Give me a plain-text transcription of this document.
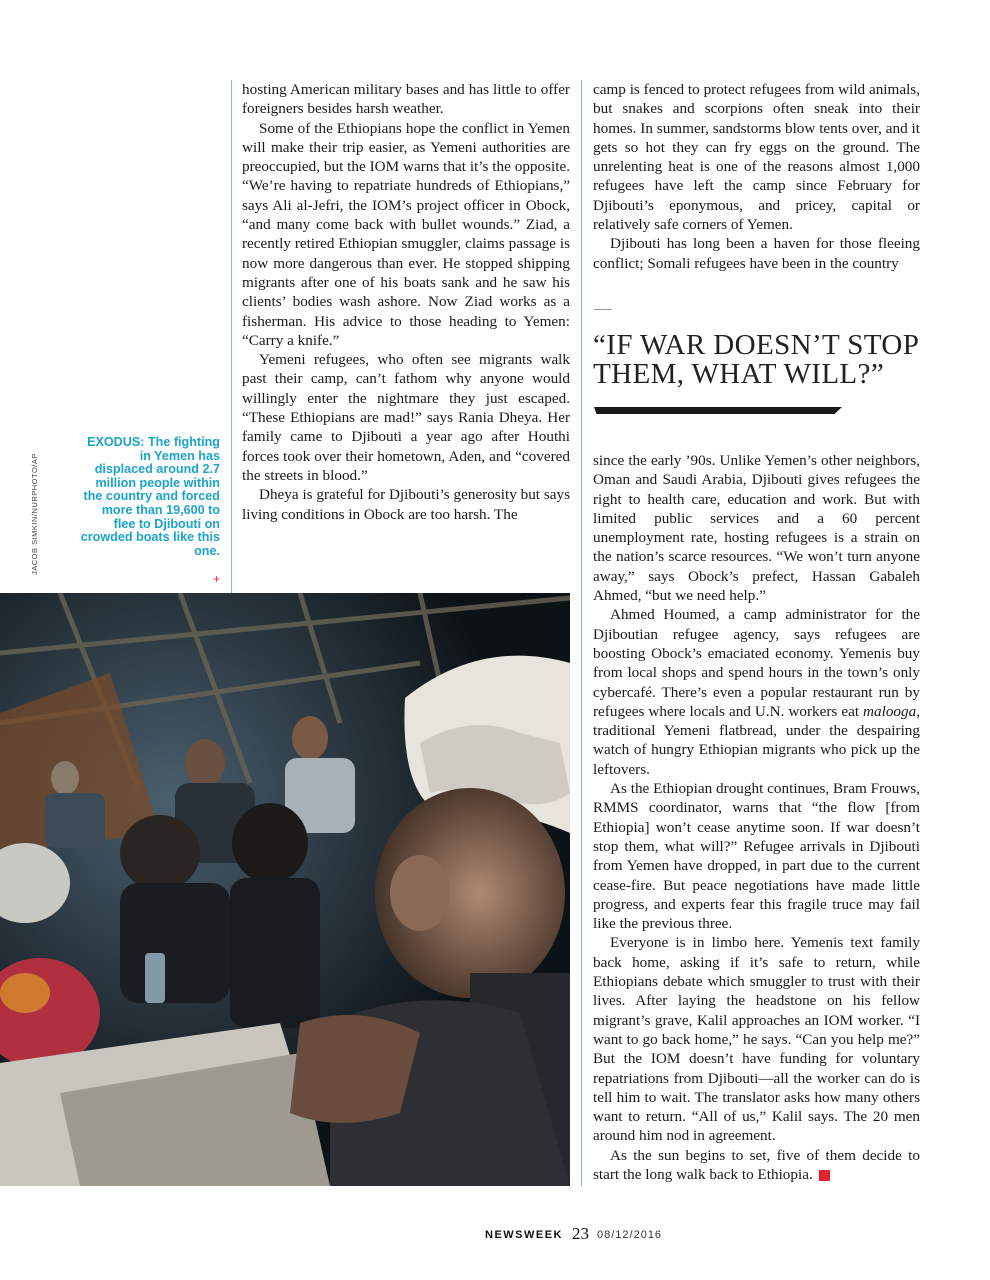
hosting American military bases and has little to offer foreigners besides harsh weather.

Some of the Ethiopians hope the conflict in Yemen will make their trip easier, as Yemeni authorities are preoccupied, but the IOM warns that it’s the opposite. “We’re having to repatriate hundreds of Ethiopians,” says Ali al-Jefri, the IOM’s project officer in Obock, “and many come back with bullet wounds.” Ziad, a recently retired Ethiopian smuggler, claims passage is now more dangerous than ever. He stopped shipping migrants after one of his boats sank and he saw his clients’ bodies wash ashore. Now Ziad works as a fisherman. His advice to those heading to Yemen: “Carry a knife.”

Yemeni refugees, who often see migrants walk past their camp, can’t fathom why anyone would willingly enter the nightmare they just escaped. “These Ethiopians are mad!” says Rania Dheya. Her family came to Djibouti a year ago after Houthi forces took over their hometown, Aden, and “covered the streets in blood.”

Dheya is grateful for Djibouti’s generosity but says living conditions in Obock are too harsh. The

camp is fenced to protect refugees from wild animals, but snakes and scorpions often sneak into their homes. In summer, sandstorms blow tents over, and it gets so hot they can fry eggs on the ground. The unrelenting heat is one of the reasons almost 1,000 refugees have left the camp since February for Djibouti’s eponymous, and pricey, capital or relatively safe corners of Yemen.

Djibouti has long been a haven for those fleeing conflict; Somali refugees have been in the country

“IF WAR DOESN’T STOP THEM, WHAT WILL?”

since the early ’90s. Unlike Yemen’s other neighbors, Oman and Saudi Arabia, Djibouti gives refugees the right to health care, education and work. But with limited public services and a 60 percent unemployment rate, hosting refugees is a strain on the nation’s scarce resources. “We won’t turn anyone away,” says Obock’s prefect, Hassan Gabaleh Ahmed, “but we need help.”

Ahmed Houmed, a camp administrator for the Djiboutian refugee agency, says refugees are boosting Obock’s emaciated economy. Yemenis buy from local shops and spend hours in the town’s only cybercafé. There’s even a popular restaurant run by refugees where locals and U.N. workers eat malooga, traditional Yemeni flatbread, under the despairing watch of hungry Ethiopian migrants who pick up the leftovers.

As the Ethiopian drought continues, Bram Frouws, RMMS coordinator, warns that “the flow [from Ethiopia] won’t cease anytime soon. If war doesn’t stop them, what will?” Refugee arrivals in Djibouti from Yemen have dropped, in part due to the current cease-fire. But peace negotiations have made little progress, and experts fear this fragile truce may fail like the previous three.

Everyone is in limbo here. Yemenis text family back home, asking if it’s safe to return, while Ethiopians debate which smuggler to trust with their lives. After laying the headstone on his fellow migrant’s grave, Kalil approaches an IOM worker. “I want to go back home,” he says. “Can you help me?” But the IOM doesn’t have funding for voluntary repatriations from Djibouti—all the worker can do is tell him to wait. The translator asks how many others want to return. “All of us,” Kalil says. The 20 men around him nod in agreement.

As the sun begins to set, five of them decide to start the long walk back to Ethiopia.	N

JACOB SIMKIN/NURPHOTO/AP
EXODUS: The fighting in Yemen has displaced around 2.7 million people within the country and forced more than 19,600 to flee to Djibouti on crowded boats like this one.
+
NEWSWEEK 23 08/12/2016
